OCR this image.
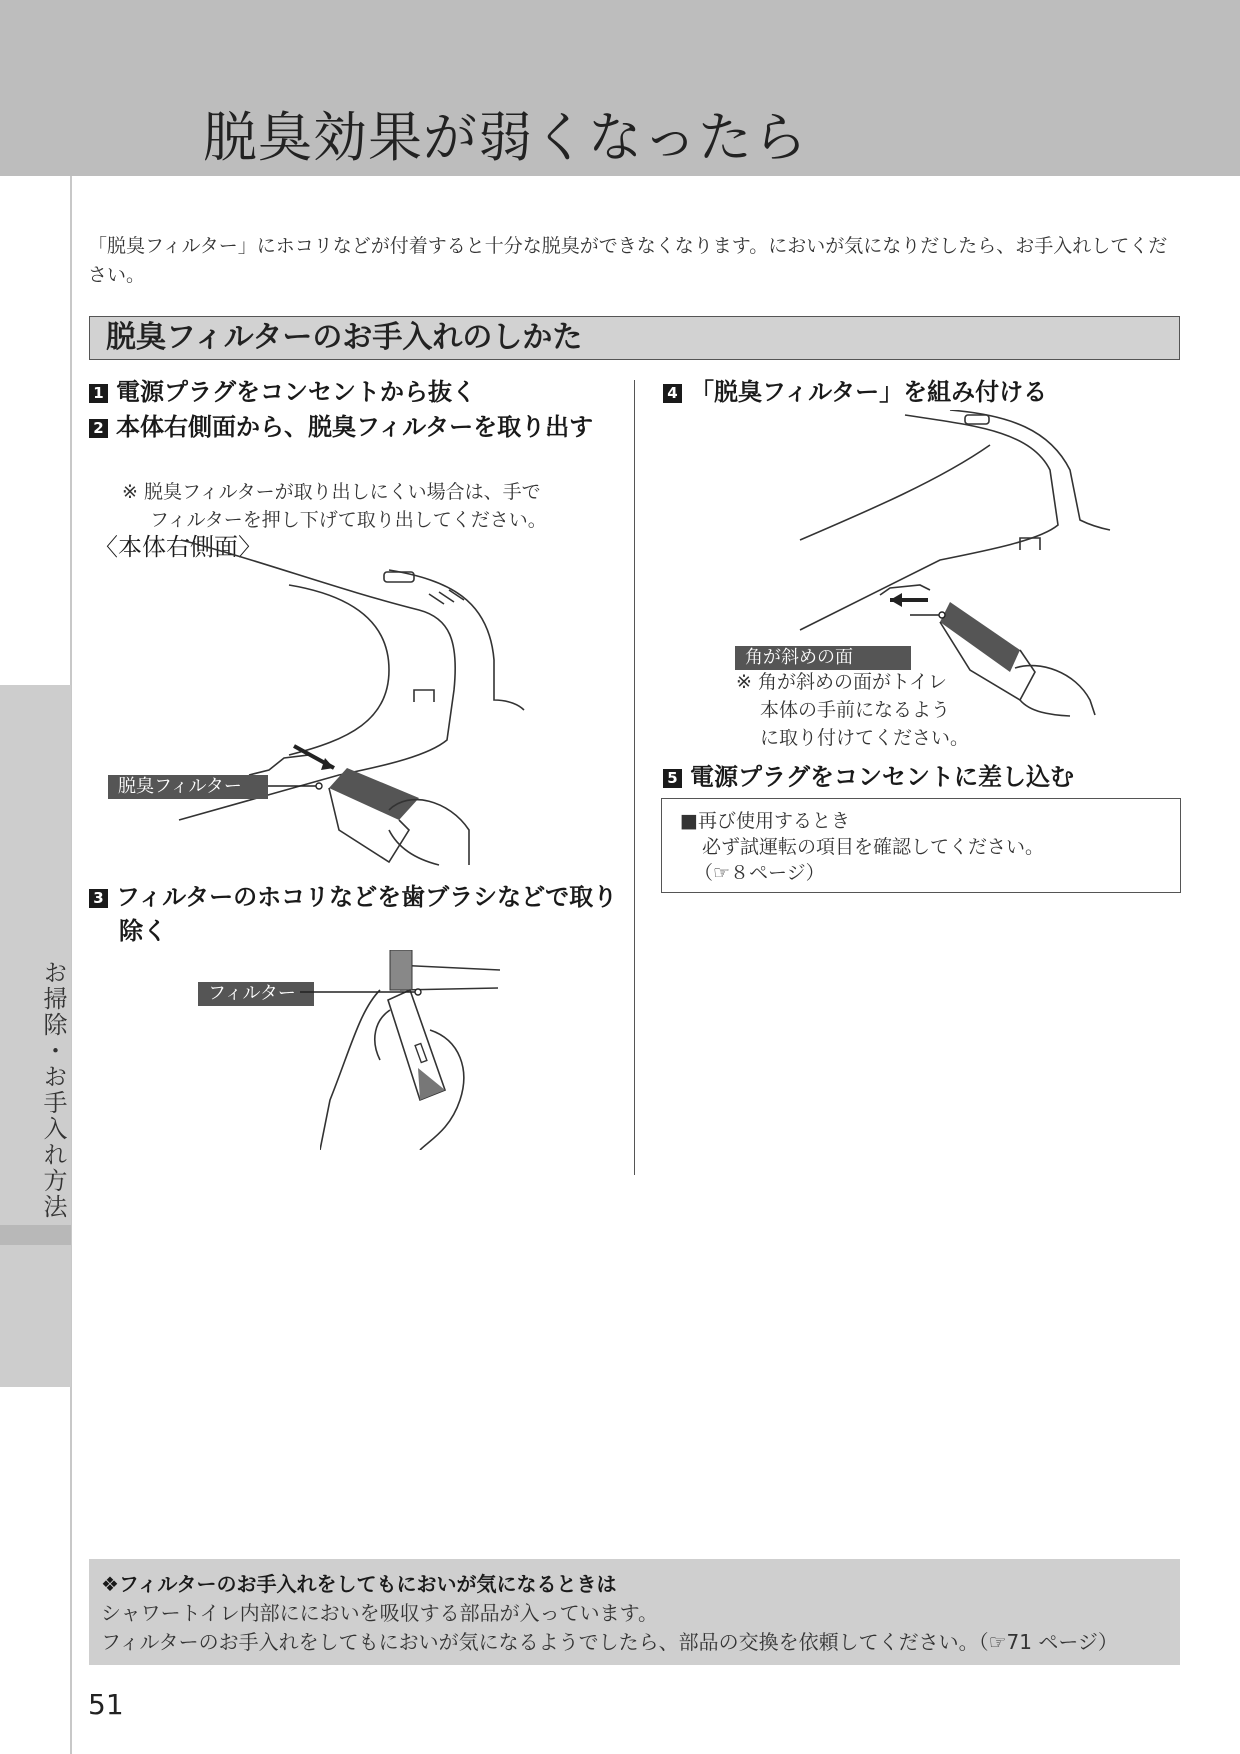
脱臭効果が弱くなったら
お掃除・お手入れ方法
「脱臭フィルター」にホコリなどが付着すると十分な脱臭ができなくなります。においが気になりだしたら、お手入れしてください。
脱臭フィルターのお手入れのしかた
1 電源プラグをコンセントから抜く
2 本体右側面から、脱臭フィルターを取り出す
※ 脱臭フィルターが取り出しにくい場合は、手で
フィルターを押し下げて取り出してください。
〈本体右側面〉
脱臭フィルター
3 フィルターのホコリなどを歯ブラシなどで取り除く
フィルター
4 「脱臭フィルター」を組み付ける
角が斜めの面
※ 角が斜めの面がトイレ
本体の手前になるよう
に取り付けてください。
5 電源プラグをコンセントに差し込む
■再び使用するとき
必ず試運転の項目を確認してください。
（☞８ページ）
❖フィルターのお手入れをしてもにおいが気になるときは
シャワートイレ内部ににおいを吸収する部品が入っています。
フィルターのお手入れをしてもにおいが気になるようでしたら、部品の交換を依頼してください。（☞71 ページ）
51
